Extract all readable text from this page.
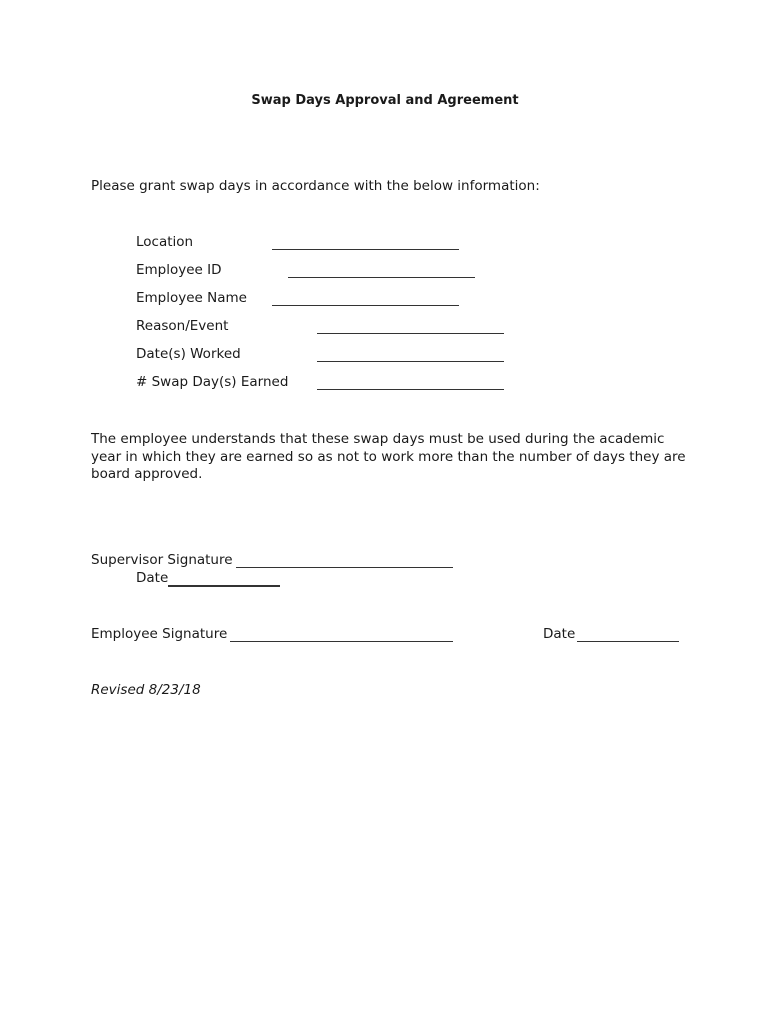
Swap Days Approval and Agreement
Please grant swap days in accordance with the below information:
Location
Employee ID
Employee Name
Reason/Event
Date(s) Worked
# Swap Day(s) Earned
The employee understands that these swap days must be used during the academic year in which they are earned so as not to work more than the number of days they are board approved.
Supervisor Signature
Date
Employee Signature	Date
Revised 8/23/18
